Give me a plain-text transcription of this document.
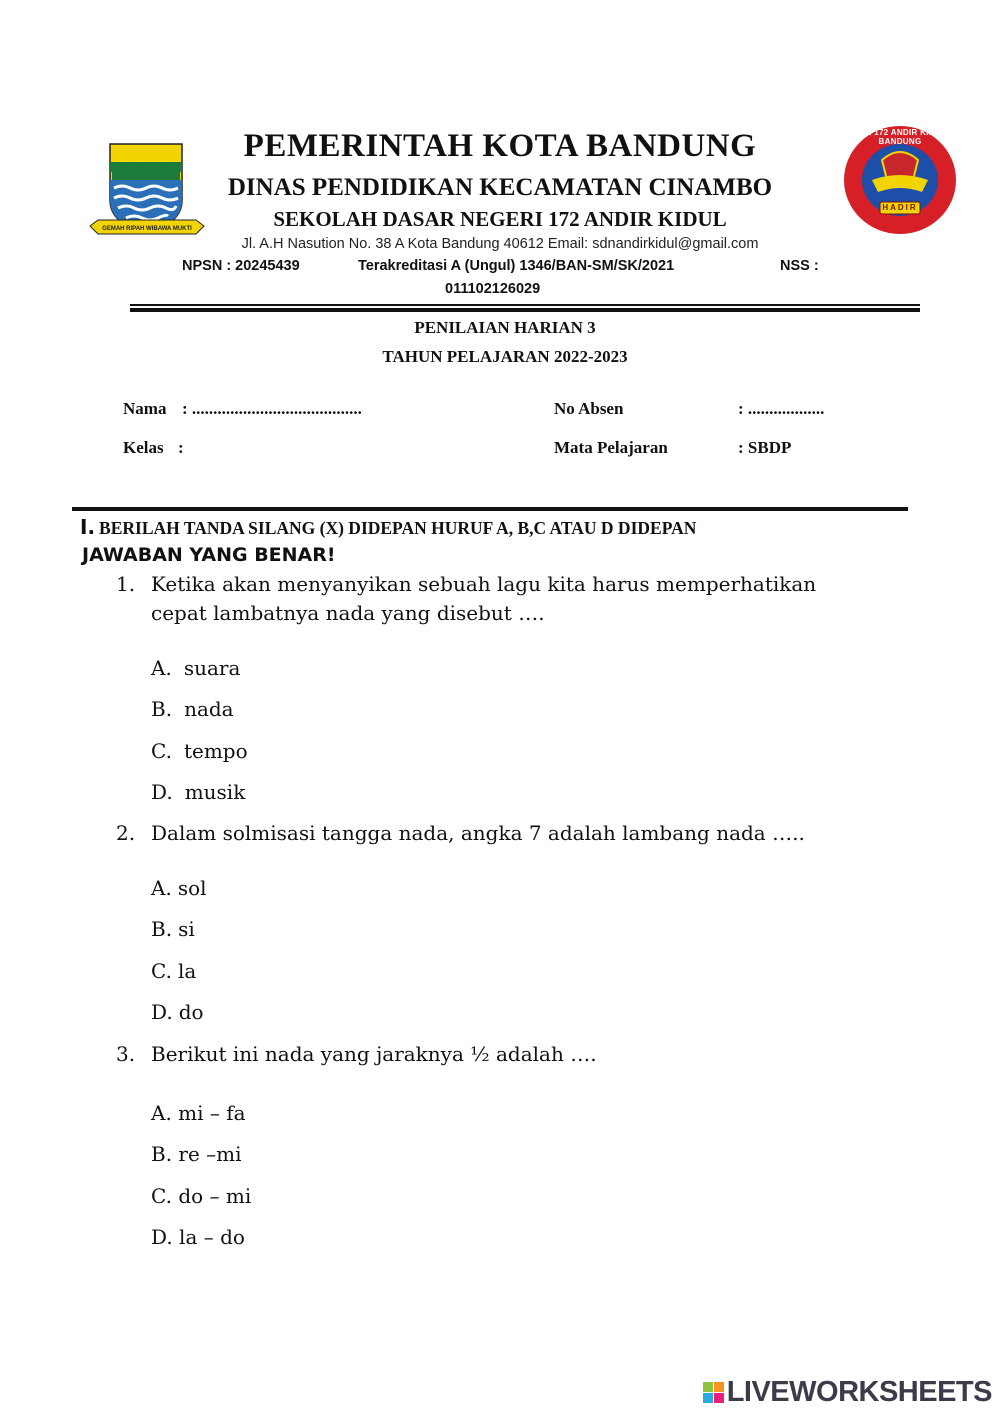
GEMAH RIPAH WIBAWA MUKTI
SDN 172 ANDIR KIDUL BANDUNG
HADIR
PEMERINTAH KOTA BANDUNG
DINAS PENDIDIKAN KECAMATAN CINAMBO
SEKOLAH DASAR NEGERI 172 ANDIR KIDUL
Jl. A.H Nasution No. 38 A Kota Bandung 40612 Email: sdnandirkidul@gmail.com
NPSN : 20245439	Terakreditasi A (Ungul) 1346/BAN-SM/SK/2021	NSS :
011102126029
PENILAIAN HARIAN 3
TAHUN PELAJARAN 2022-2023
Nama : ........................................
Kelas :
No Absen	: ..................
Mata Pelajaran	: SBDP
I. BERILAH TANDA SILANG (X) DIDEPAN HURUF A, B,C ATAU D DIDEPAN
JAWABAN YANG BENAR!
1. Ketika akan menyanyikan sebuah lagu kita harus memperhatikan
cepat lambatnya nada yang disebut ….
A. suara
B. nada
C. tempo
D. musik
2. Dalam solmisasi tangga nada, angka 7 adalah lambang nada …..
A. sol
B. si
C. la
D. do
3. Berikut ini nada yang jaraknya ½ adalah ….
A. mi – fa
B. re –mi
C. do – mi
D. la – do
LIVEWORKSHEETS
